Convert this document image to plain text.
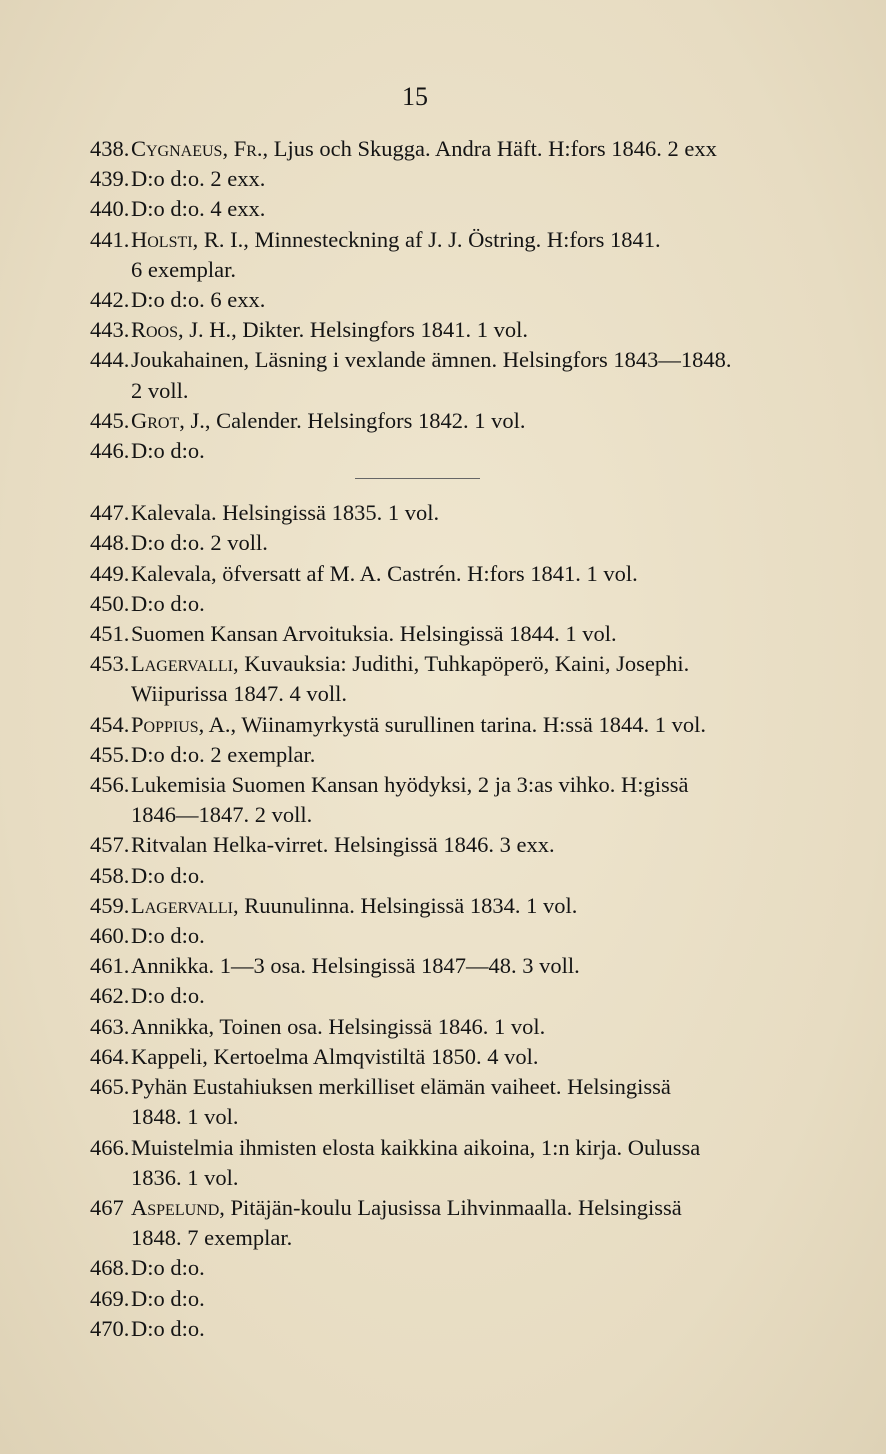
15
438. Cygnaeus, Fr., Ljus och Skugga. Andra Häft. H:fors 1846. 2 exx
439. D:o d:o. 2 exx.
440. D:o d:o. 4 exx.
441. Holsti, R. I., Minnesteckning af J. J. Östring. H:fors 1841.
6 exemplar.
442. D:o d:o. 6 exx.
443. Roos, J. H., Dikter. Helsingfors 1841. 1 vol.
444. Joukahainen, Läsning i vexlande ämnen. Helsingfors 1843—1848.
2 voll.
445. Grot, J., Calender. Helsingfors 1842. 1 vol.
446. D:o d:o.
447. Kalevala. Helsingissä 1835. 1 vol.
448. D:o d:o. 2 voll.
449. Kalevala, öfversatt af M. A. Castrén. H:fors 1841. 1 vol.
450. D:o d:o.
451. Suomen Kansan Arvoituksia. Helsingissä 1844. 1 vol.
453. Lagervalli, Kuvauksia: Judithi, Tuhkapöperö, Kaini, Josephi.
Wiipurissa 1847. 4 voll.
454. Poppius, A., Wiinamyrkystä surullinen tarina. H:ssä 1844. 1 vol.
455. D:o d:o. 2 exemplar.
456. Lukemisia Suomen Kansan hyödyksi, 2 ja 3:as vihko. H:gissä
1846—1847. 2 voll.
457. Ritvalan Helka-virret. Helsingissä 1846. 3 exx.
458. D:o d:o.
459. Lagervalli, Ruunulinna. Helsingissä 1834. 1 vol.
460. D:o d:o.
461. Annikka. 1—3 osa. Helsingissä 1847—48. 3 voll.
462. D:o d:o.
463. Annikka, Toinen osa. Helsingissä 1846. 1 vol.
464. Kappeli, Kertoelma Almqvistiltä 1850. 4 vol.
465. Pyhän Eustahiuksen merkilliset elämän vaiheet. Helsingissä
1848. 1 vol.
466. Muistelmia ihmisten elosta kaikkina aikoina, 1:n kirja. Oulussa
1836. 1 vol.
467 Aspelund, Pitäjän-koulu Lajusissa Lihvinmaalla. Helsingissä
1848. 7 exemplar.
468. D:o d:o.
469. D:o d:o.
470. D:o d:o.
